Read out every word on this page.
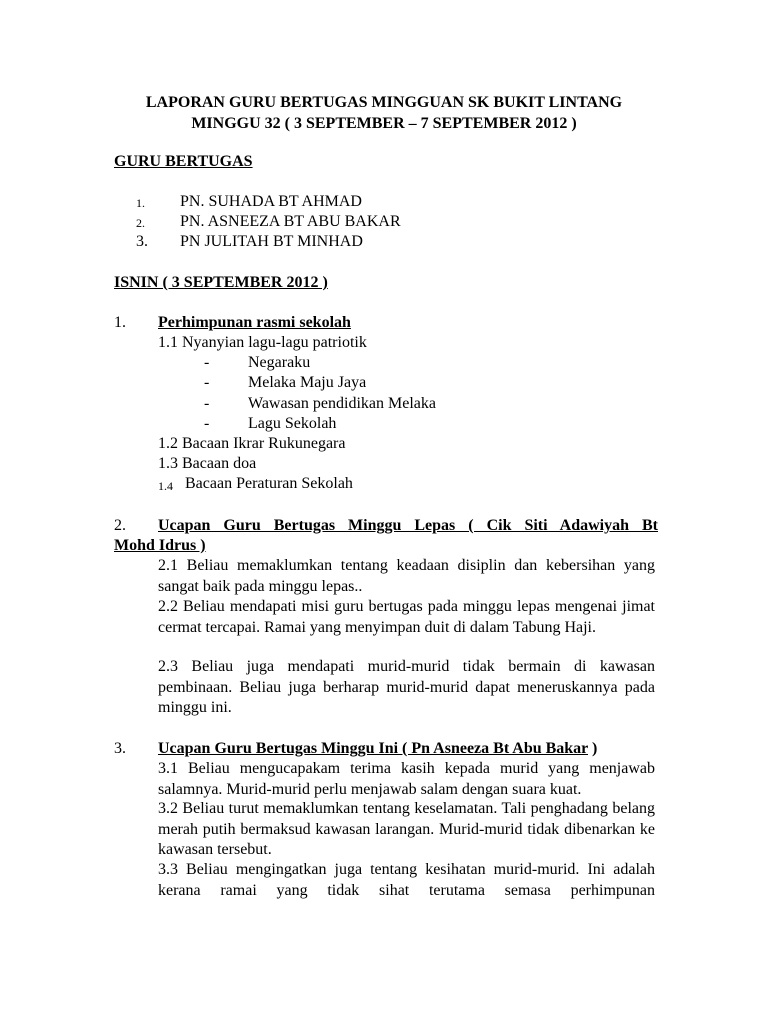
LAPORAN GURU BERTUGAS MINGGUAN SK BUKIT LINTANG
MINGGU 32 ( 3 SEPTEMBER – 7 SEPTEMBER 2012 )
GURU BERTUGAS
1. PN. SUHADA BT AHMAD
2. PN. ASNEEZA BT ABU BAKAR
3. PN JULITAH BT MINHAD
ISNIN ( 3 SEPTEMBER 2012 )
1. Perhimpunan rasmi sekolah
1.1 Nyanyian lagu-lagu patriotik
- Negaraku
- Melaka Maju Jaya
- Wawasan pendidikan Melaka
- Lagu Sekolah
1.2 Bacaan Ikrar Rukunegara
1.3 Bacaan doa
1.4 Bacaan Peraturan Sekolah
2. Ucapan Guru Bertugas Minggu Lepas ( Cik Siti Adawiyah Bt
Mohd Idrus )
2.1 Beliau memaklumkan tentang keadaan disiplin dan kebersihan yang sangat baik pada minggu lepas..
2.2 Beliau mendapati misi guru bertugas pada minggu lepas mengenai jimat cermat tercapai. Ramai yang menyimpan duit di dalam Tabung Haji.
2.3 Beliau juga mendapati murid-murid tidak bermain di kawasan pembinaan. Beliau juga berharap murid-murid dapat meneruskannya pada minggu ini.
3. Ucapan Guru Bertugas Minggu Ini ( Pn Asneeza Bt Abu Bakar )
3.1 Beliau mengucapakam terima kasih kepada murid yang menjawab salamnya. Murid-murid perlu menjawab salam dengan suara kuat.
3.2 Beliau turut memaklumkan tentang keselamatan. Tali penghadang belang merah putih bermaksud kawasan larangan. Murid-murid tidak dibenarkan ke kawasan tersebut.
3.3 Beliau mengingatkan juga tentang kesihatan murid-murid. Ini adalah kerana ramai yang tidak sihat terutama semasa perhimpunan
